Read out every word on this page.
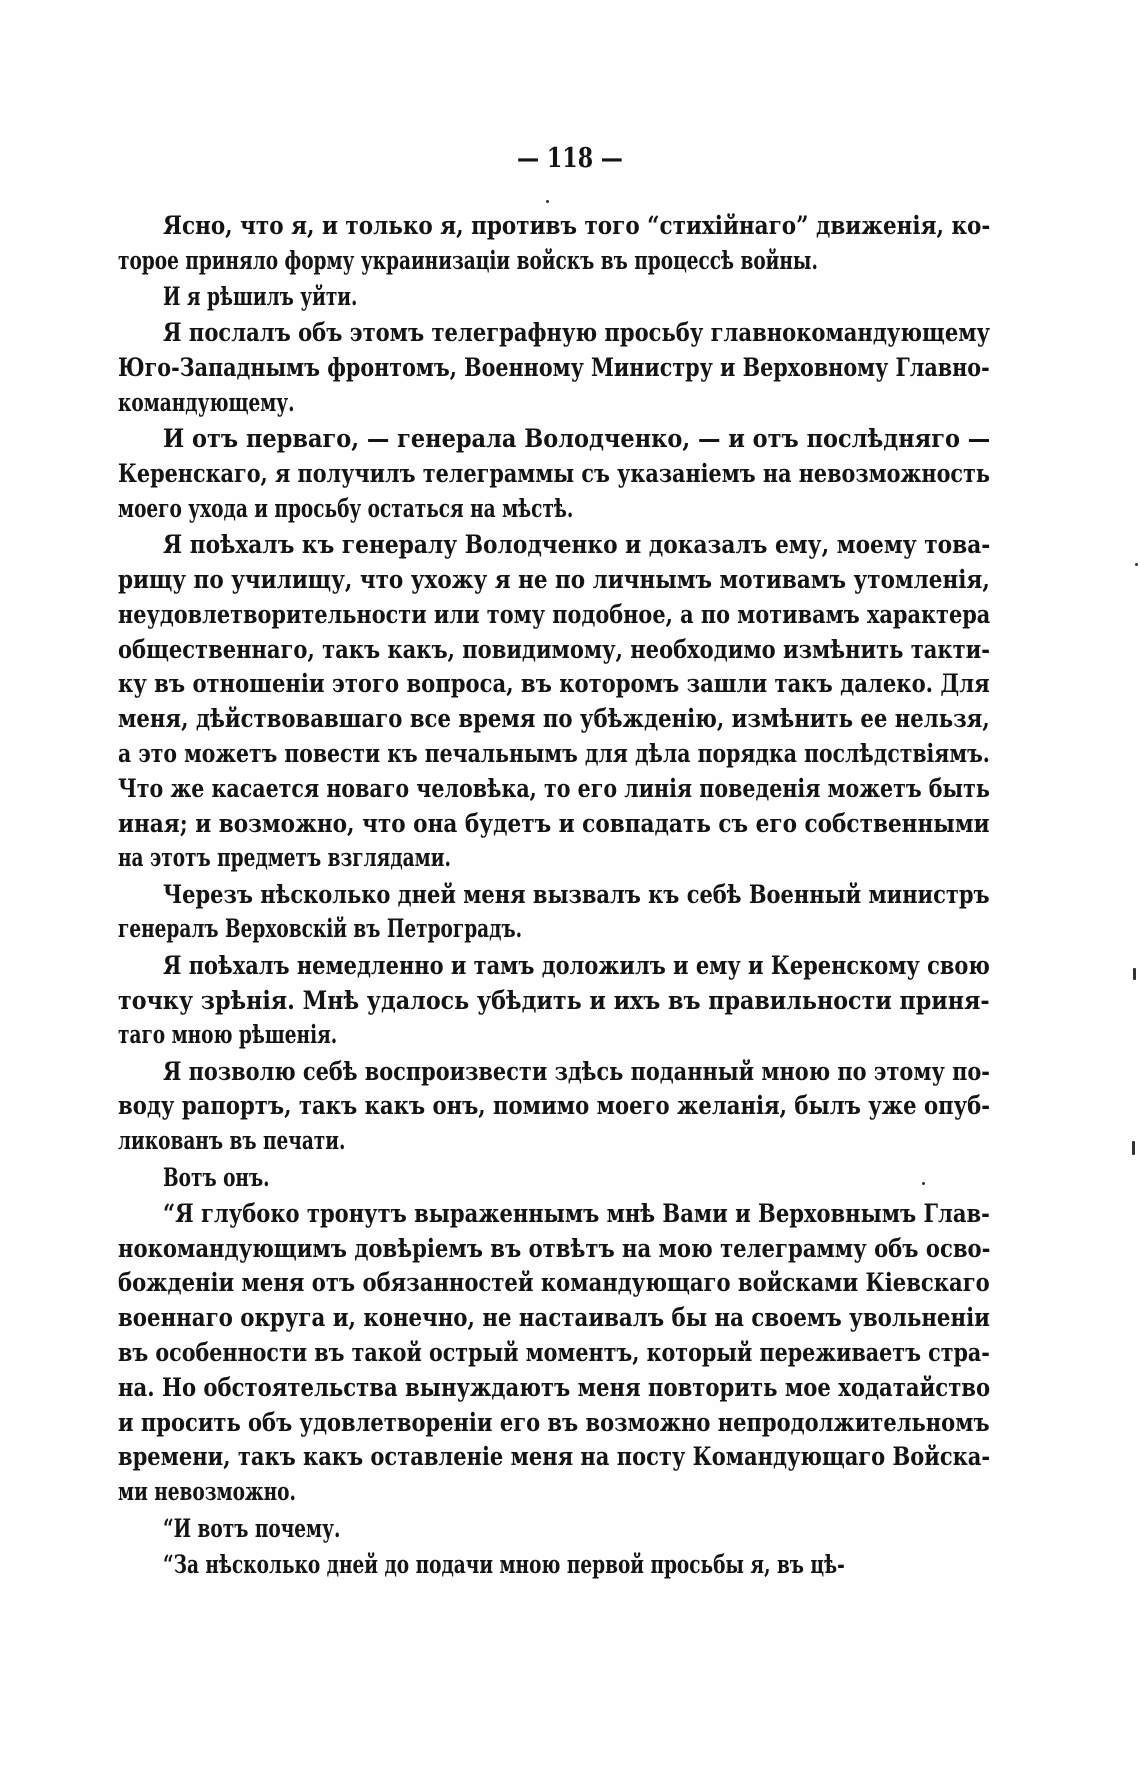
— 118 —
Ясно, что я, и только я, противъ того “стихійнаго” движенія, ко-
торое приняло форму украинизаціи войскъ въ процессѣ войны.
И я рѣшилъ уйти.
Я послалъ объ этомъ телеграфную просьбу главнокомандующему
Юго-Западнымъ фронтомъ, Военному Министру и Верховному Главно-
командующему.
И отъ перваго, — генерала Володченко, — и отъ послѣдняго —
Керенскаго, я получилъ телеграммы съ указаніемъ на невозможность
моего ухода и просьбу остаться на мѣстѣ.
Я поѣхалъ къ генералу Володченко и доказалъ ему, моему това-
рищу по училищу, что ухожу я не по личнымъ мотивамъ утомленія,
неудовлетворительности или тому подобное, а по мотивамъ характера
общественнаго, такъ какъ, повидимому, необходимо измѣнить такти-
ку въ отношеніи этого вопроса, въ которомъ зашли такъ далеко. Для
меня, дѣйствовавшаго все время по убѣжденію, измѣнить ее нельзя,
а это можетъ повести къ печальнымъ для дѣла порядка послѣдствіямъ.
Что же касается новаго человѣка, то его линія поведенія можетъ быть
иная; и возможно, что она будетъ и совпадать съ его собственными
на этотъ предметъ взглядами.
Черезъ нѣсколько дней меня вызвалъ къ себѣ Военный министръ
генералъ Верховскій въ Петроградъ.
Я поѣхалъ немедленно и тамъ доложилъ и ему и Керенскому свою
точку зрѣнія. Мнѣ удалось убѣдить и ихъ въ правильности приня-
таго мною рѣшенія.
Я позволю себѣ воспроизвести здѣсь поданный мною по этому по-
воду рапортъ, такъ какъ онъ, помимо моего желанія, былъ уже опуб-
ликованъ въ печати.
Вотъ онъ.
“Я глубоко тронутъ выраженнымъ мнѣ Вами и Верховнымъ Глав-
нокомандующимъ довѣріемъ въ отвѣтъ на мою телеграмму объ осво-
божденіи меня отъ обязанностей командующаго войсками Кіевскаго
военнаго округа и, конечно, не настаивалъ бы на своемъ увольненіи
въ особенности въ такой острый моментъ, который переживаетъ стра-
на. Но обстоятельства вынуждаютъ меня повторить мое ходатайство
и просить объ удовлетвореніи его въ возможно непродолжительномъ
времени, такъ какъ оставленіе меня на посту Командующаго Войска-
ми невозможно.
“И вотъ почему.
“За нѣсколько дней до подачи мною первой просьбы я, въ цѣ-
